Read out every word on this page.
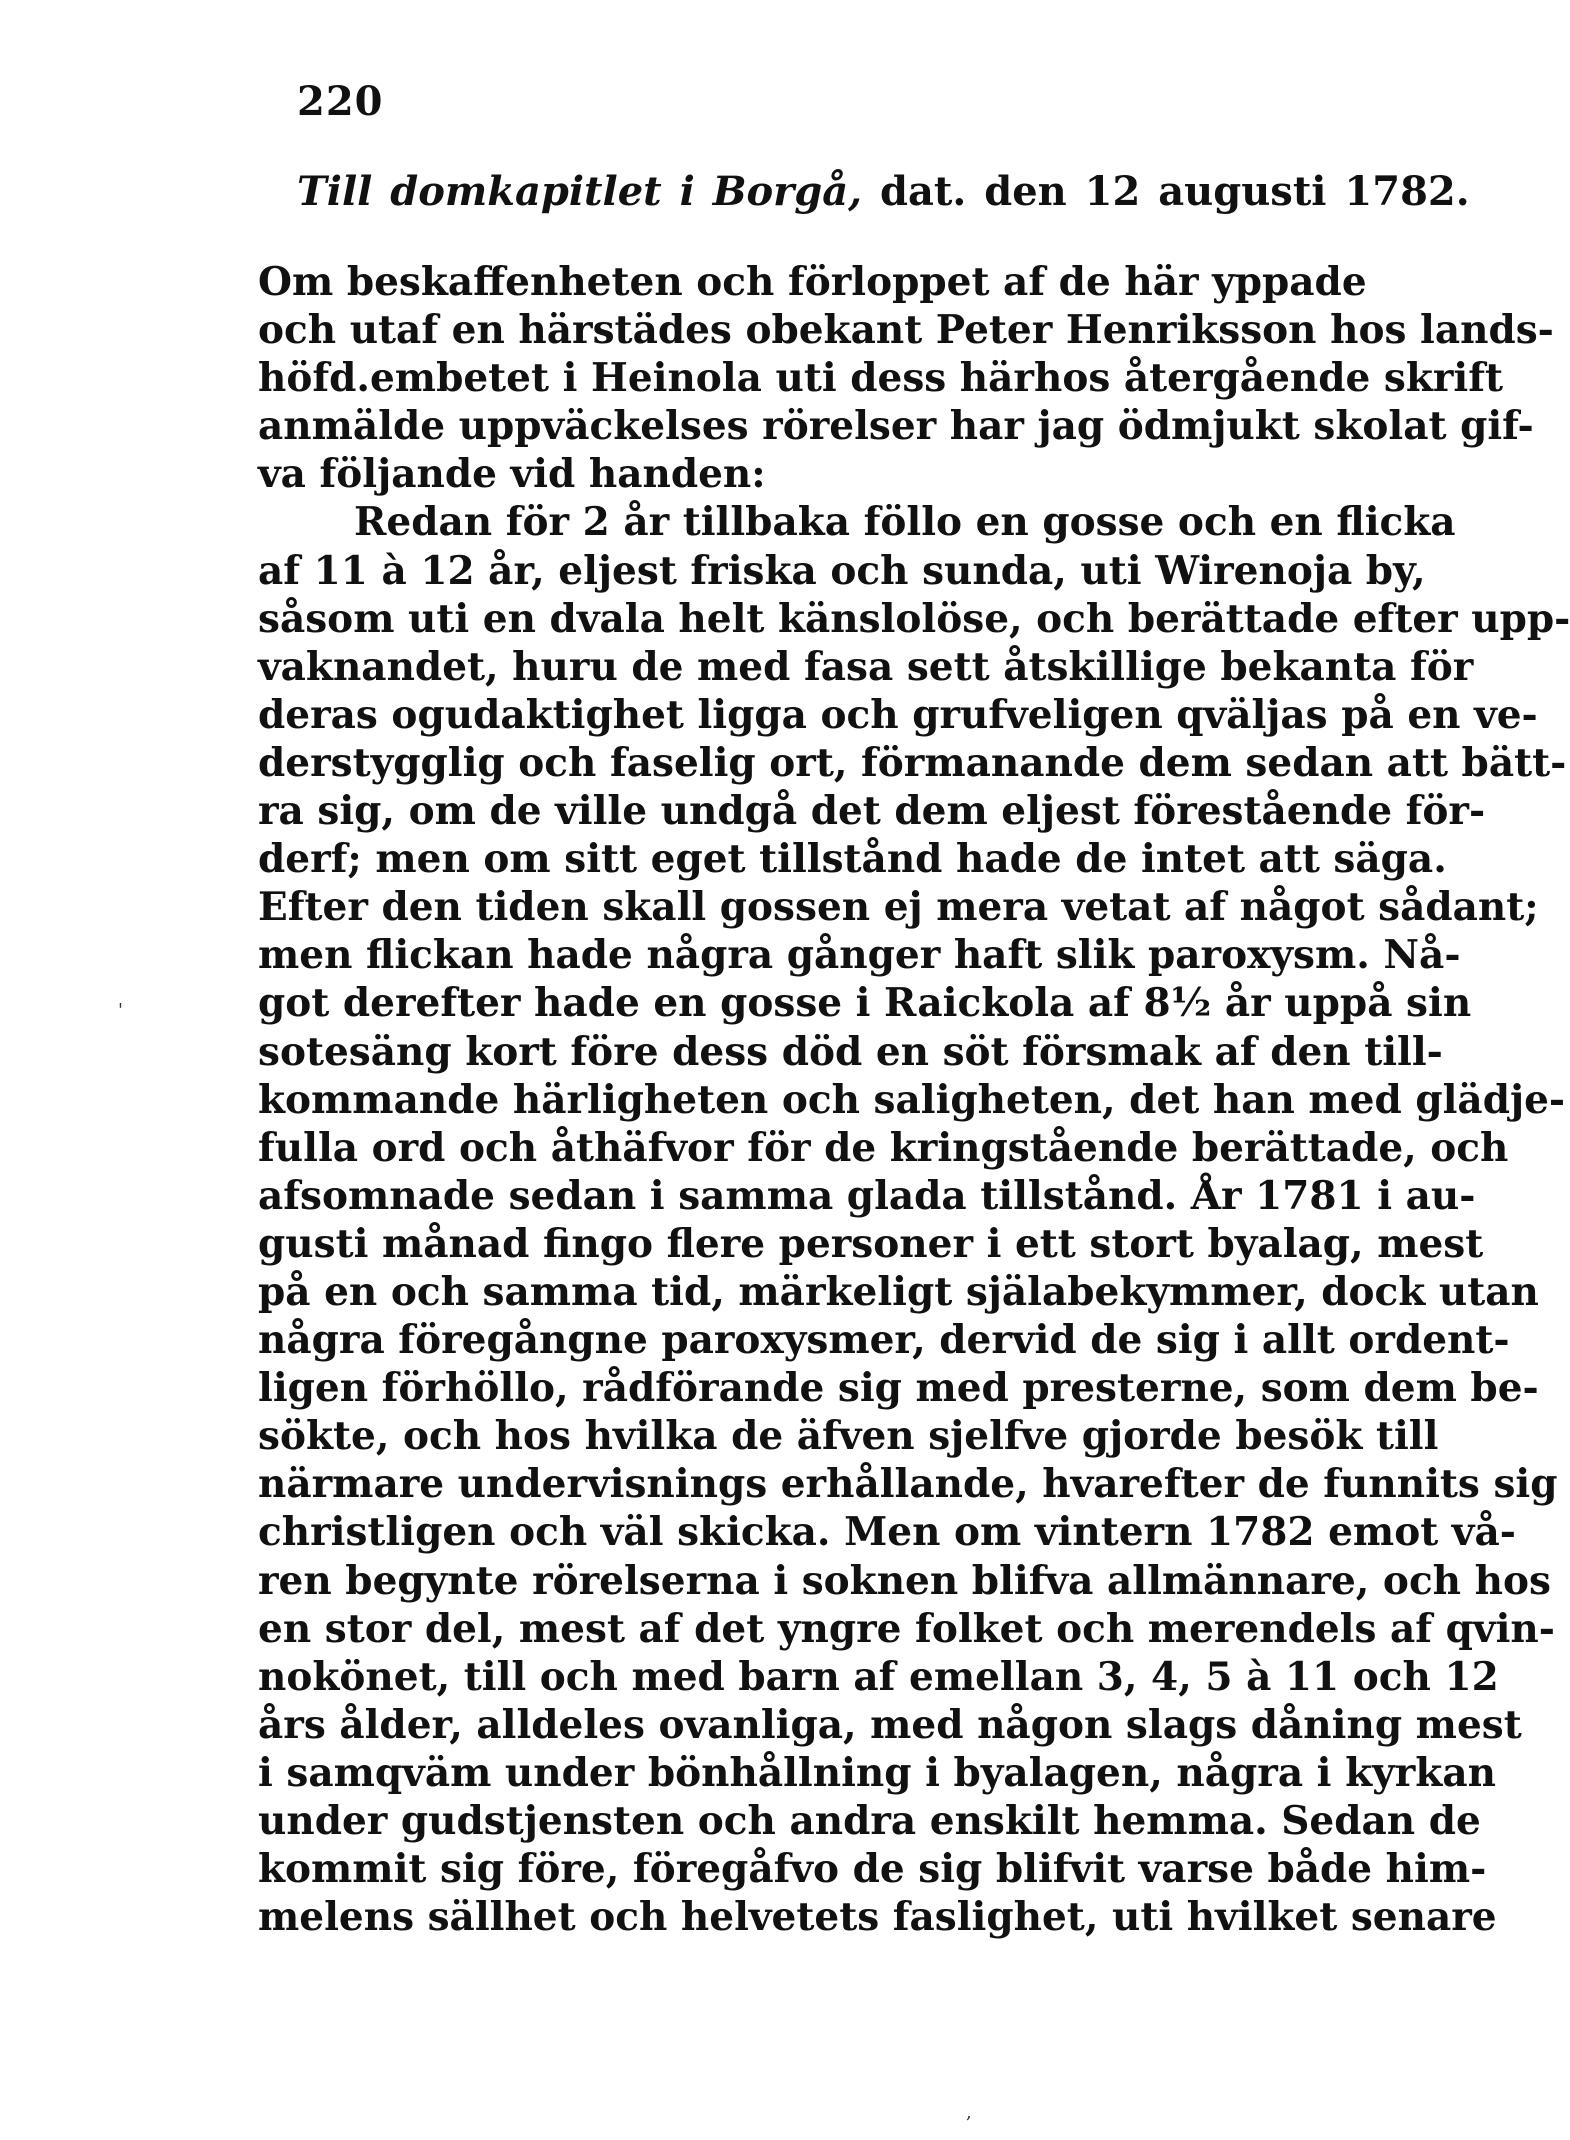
220
Till domkapitlet i Borgå, dat. den 12 augusti 1782.
Om beskaffenheten och förloppet af de här yppade
och utaf en härstädes obekant Peter Henriksson hos lands-
höfd.embetet i Heinola uti dess härhos återgående skrift
anmälde uppväckelses rörelser har jag ödmjukt skolat gif-
va följande vid handen:
Redan för 2 år tillbaka föllo en gosse och en flicka
af 11 à 12 år, eljest friska och sunda, uti Wirenoja by,
såsom uti en dvala helt känslolöse, och berättade efter upp-
vaknandet, huru de med fasa sett åtskillige bekanta för
deras ogudaktighet ligga och grufveligen qväljas på en ve-
derstygglig och faselig ort, förmanande dem sedan att bätt-
ra sig, om de ville undgå det dem eljest förestående för-
derf; men om sitt eget tillstånd hade de intet att säga.
Efter den tiden skall gossen ej mera vetat af något sådant;
men flickan hade några gånger haft slik paroxysm. Nå-
got derefter hade en gosse i Raickola af 8½ år uppå sin
sotesäng kort före dess död en söt försmak af den till-
kommande härligheten och saligheten, det han med glädje-
fulla ord och åthäfvor för de kringstående berättade, och
afsomnade sedan i samma glada tillstånd. År 1781 i au-
gusti månad fingo flere personer i ett stort byalag, mest
på en och samma tid, märkeligt själabekymmer, dock utan
några föregångne paroxysmer, dervid de sig i allt ordent-
ligen förhöllo, rådförande sig med presterne, som dem be-
sökte, och hos hvilka de äfven sjelfve gjorde besök till
närmare undervisnings erhållande, hvarefter de funnits sig
christligen och väl skicka. Men om vintern 1782 emot vå-
ren begynte rörelserna i soknen blifva allmännare, och hos
en stor del, mest af det yngre folket och merendels af qvin-
nokönet, till och med barn af emellan 3, 4, 5 à 11 och 12
års ålder, alldeles ovanliga, med någon slags dåning mest
i samqväm under bönhållning i byalagen, några i kyrkan
under gudstjensten och andra enskilt hemma. Sedan de
kommit sig före, föregåfvo de sig blifvit varse både him-
melens sällhet och helvetets faslighet, uti hvilket senare
'
,
